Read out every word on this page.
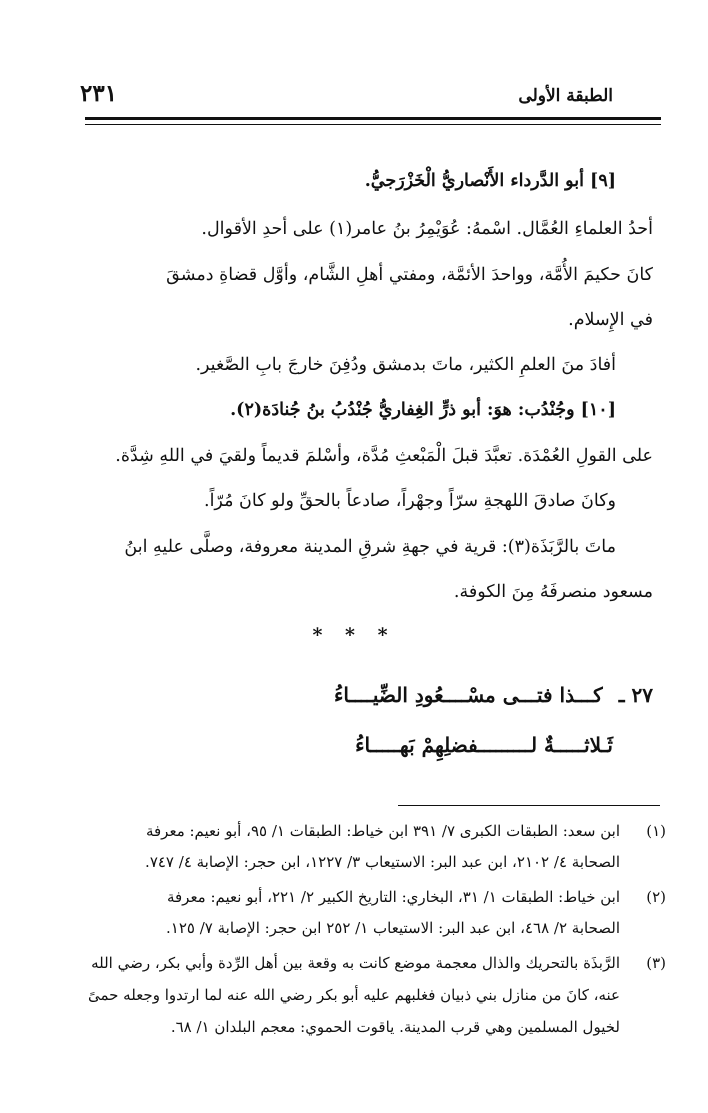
الطبقة الأولى
٢٣١
[٩] أبو الدَّرداء الأَنْصاريُّ الْخَزْرَجيُّ.
أحدُ العلماءِ العُمَّال. اسْمهُ: عُوَيْمِرُ بنُ عامر(١) على أحدِ الأقوال.
كانَ حكيمَ الأُمَّة، وواحدَ الأئمَّة، ومفتي أهلِ الشَّام، وأوَّل قضاةِ دمشقَ
في الإِسلام.
أفادَ منَ العلمِ الكثير، ماتَ بدمشق ودُفِنَ خارجَ بابِ الصَّغير.
[١٠] وجُنْدُب: هوَ: أبو ذرٍّ الغِفاريُّ جُنْدُبُ بنُ جُنادَة(٢).
على القولِ العُمْدَة. تعبَّدَ قبلَ الْمَبْعثِ مُدَّة، وأسْلمَ قديماً ولقيَ في اللهِ شِدَّة.
وكانَ صادقَ اللهجةِ سرّاً وجهْراً، صادعاً بالحقِّ ولو كانَ مُرّاً.
ماتَ بالرَّبَذَة(٣): قرية في جهةِ شرقِ المدينة معروفة، وصلَّى عليهِ ابنُ
مسعود منصرفَهُ مِنَ الكوفة.
* * *
٢٧ ـكـــذا فتـــى مسْــــعُودِ الضِّيــــاءُ
ثَـلاثـــــةٌ لـــــــــفضلِهِمْ بَهـــــاءُ
(١)
ابن سعد: الطبقات الكبرى ٧/ ٣٩١ ابن خياط: الطبقات ١/ ٩٥، أبو نعيم: معرفة
الصحابة ٤/ ٢١٠٢، ابن عبد البر: الاستيعاب ٣/ ١٢٢٧، ابن حجر: الإصابة ٤/ ٧٤٧.
(٢)
ابن خياط: الطبقات ١/ ٣١، البخاري: التاريخ الكبير ٢/ ٢٢١، أبو نعيم: معرفة
الصحابة ٢/ ٤٦٨، ابن عبد البر: الاستيعاب ١/ ٢٥٢ ابن حجر: الإصابة ٧/ ١٢٥.
(٣)
الرَّبذَة بالتحريك والذال معجمة موضع كانت به وقعة بين أهل الرِّدة وأبي بكر، رضي الله
عنه، كانَ من منازل بني ذبيان فغلبهم عليه أبو بكر رضي الله عنه لما ارتدوا وجعله حمىً
لخيول المسلمين وهي قرب المدينة. ياقوت الحموي: معجم البلدان ١/ ٦٨.
